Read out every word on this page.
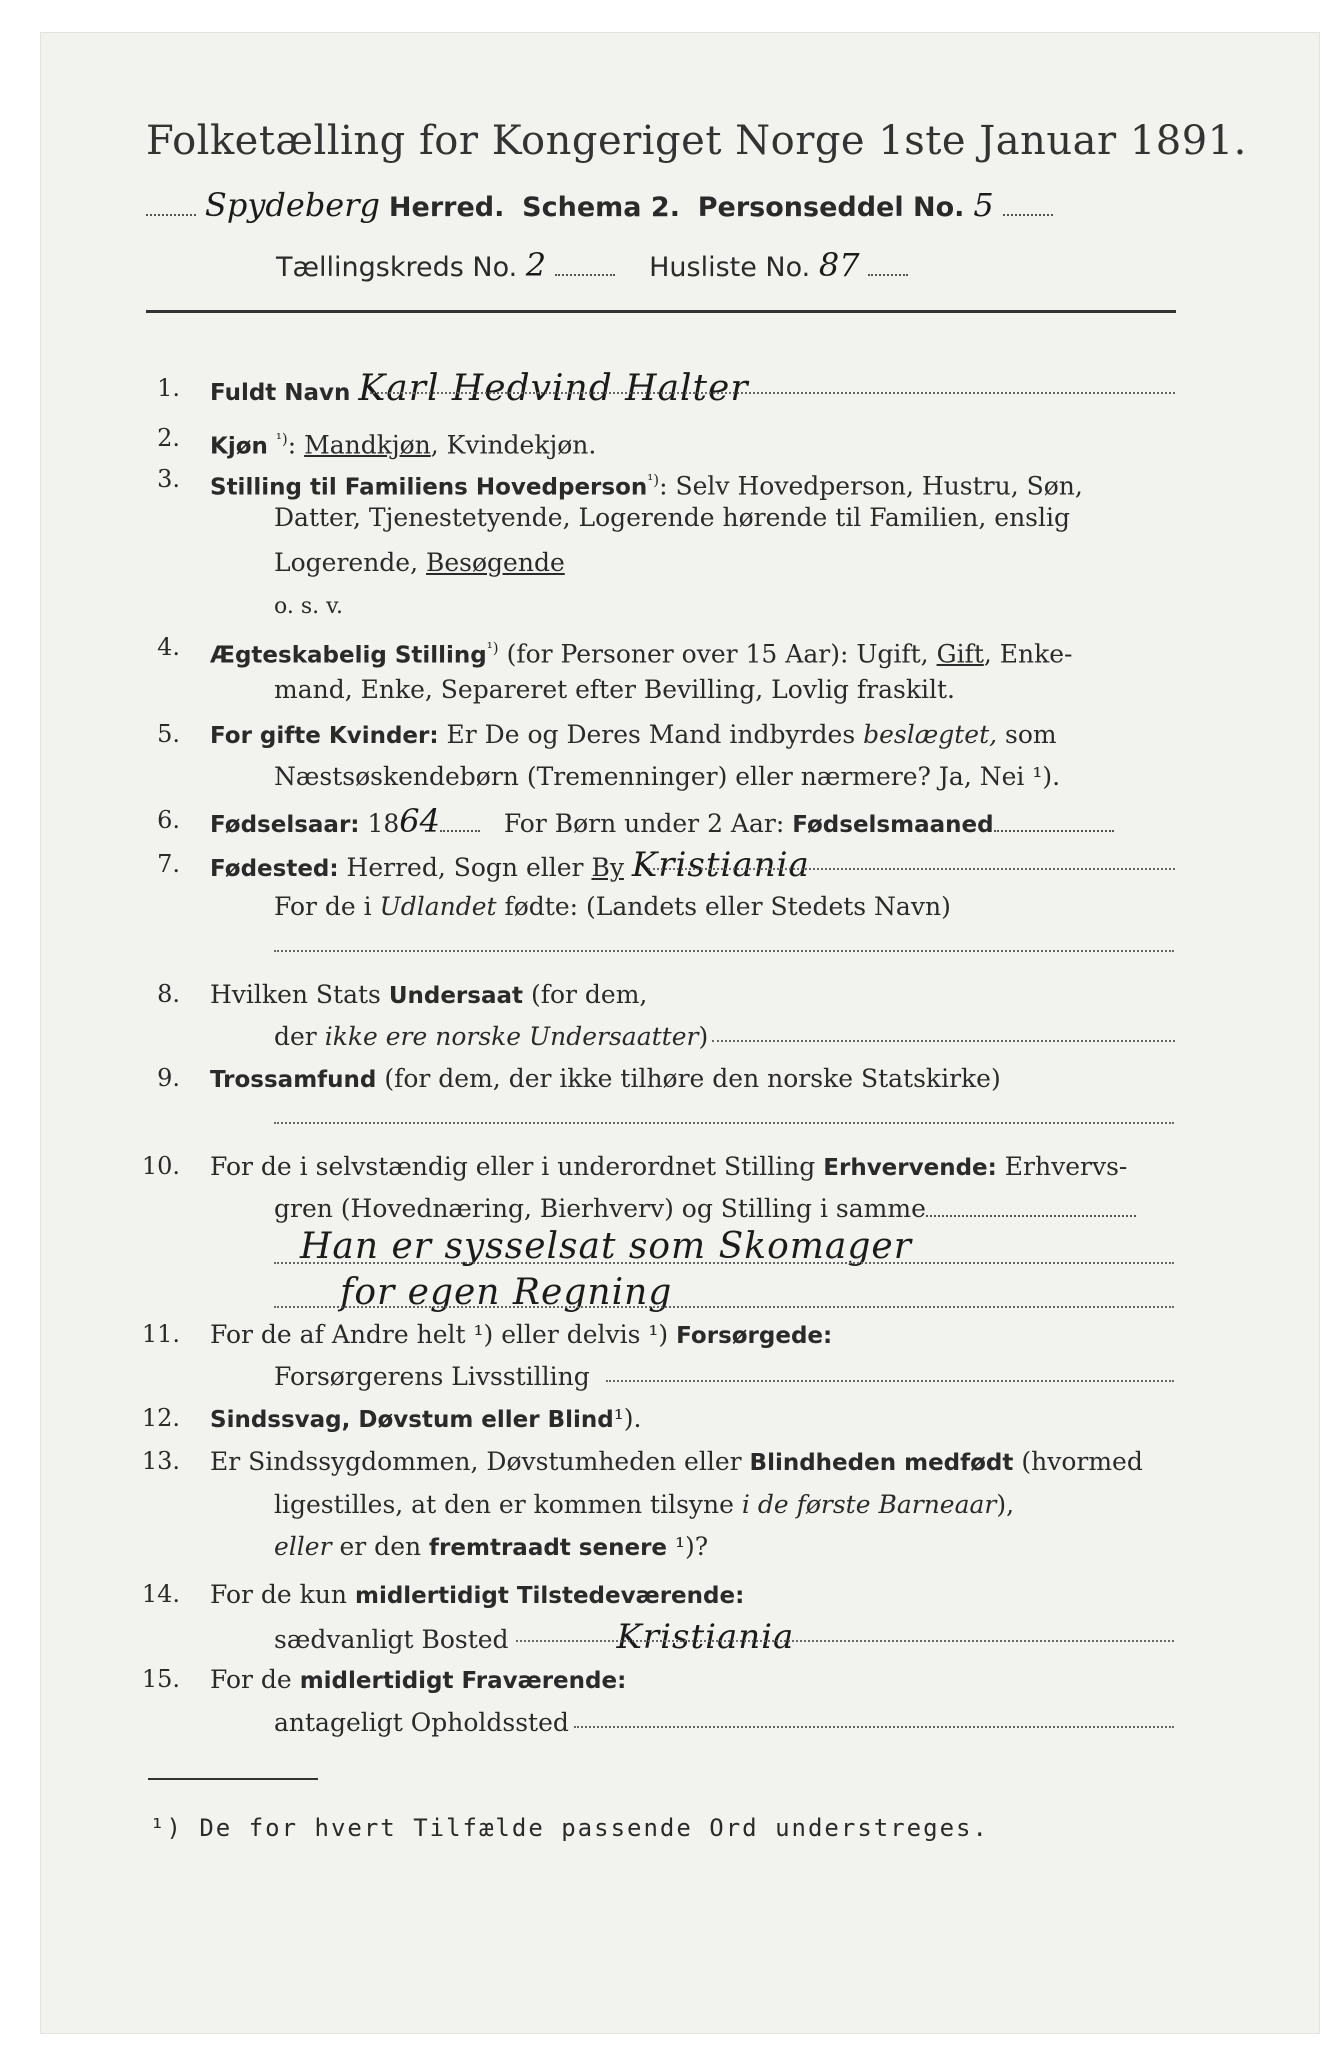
Folketælling for Kongeriget Norge 1ste Januar 1891.
Spydeberg Herred. Schema 2. Personseddel No. 5
Tællingskreds No. 2	Husliste No. 87
1. Fuldt Navn Karl Hedvind Halter
2. Kjøn $^{^1)}$: Mandkjøn, Kvindekjøn.
3. Stilling til Familiens Hovedperson$^{^1)}$: Selv Hovedperson, Hustru, Søn,
Datter, Tjenestetyende, Logerende hørende til Familien, enslig
Logerende, Besøgende
o. s. v.
4. Ægteskabelig Stilling$^{^1)}$ (for Personer over 15 Aar): Ugift, Gift, Enke-
mand, Enke, Separeret efter Bevilling, Lovlig fraskilt.
5. For gifte Kvinder: Er De og Deres Mand indbyrdes beslægtet, som
Næstsøskendebørn (Tremenninger) eller nærmere? Ja, Nei ¹).
6. Fødselsaar: 1864	For Børn under 2 Aar: Fødselsmaaned
7. Fødested: Herred, Sogn eller By Kristiania
For de i Udlandet fødte: (Landets eller Stedets Navn)
8. Hvilken Stats Undersaat (for dem,
der ikke ere norske Undersaatter)
9. Trossamfund (for dem, der ikke tilhøre den norske Statskirke)
10. For de i selvstændig eller i underordnet Stilling Erhvervende: Erhvervs-
gren (Hovednæring, Bierhverv) og Stilling i samme
Han er sysselsat som Skomager
for egen Regning
11. For de af Andre helt ¹) eller delvis ¹) Forsørgede:
Forsørgerens Livsstilling
12. Sindssvag, Døvstum eller Blind¹).
13. Er Sindssygdommen, Døvstumheden eller Blindheden medfødt (hvormed
ligestilles, at den er kommen tilsyne i de første Barneaar),
eller er den fremtraadt senere ¹)?
14. For de kun midlertidigt Tilstedeværende:
sædvanligt Bosted	Kristiania
15. For de midlertidigt Fraværende:
antageligt Opholdssted
¹) De for hvert Tilfælde passende Ord understreges.
